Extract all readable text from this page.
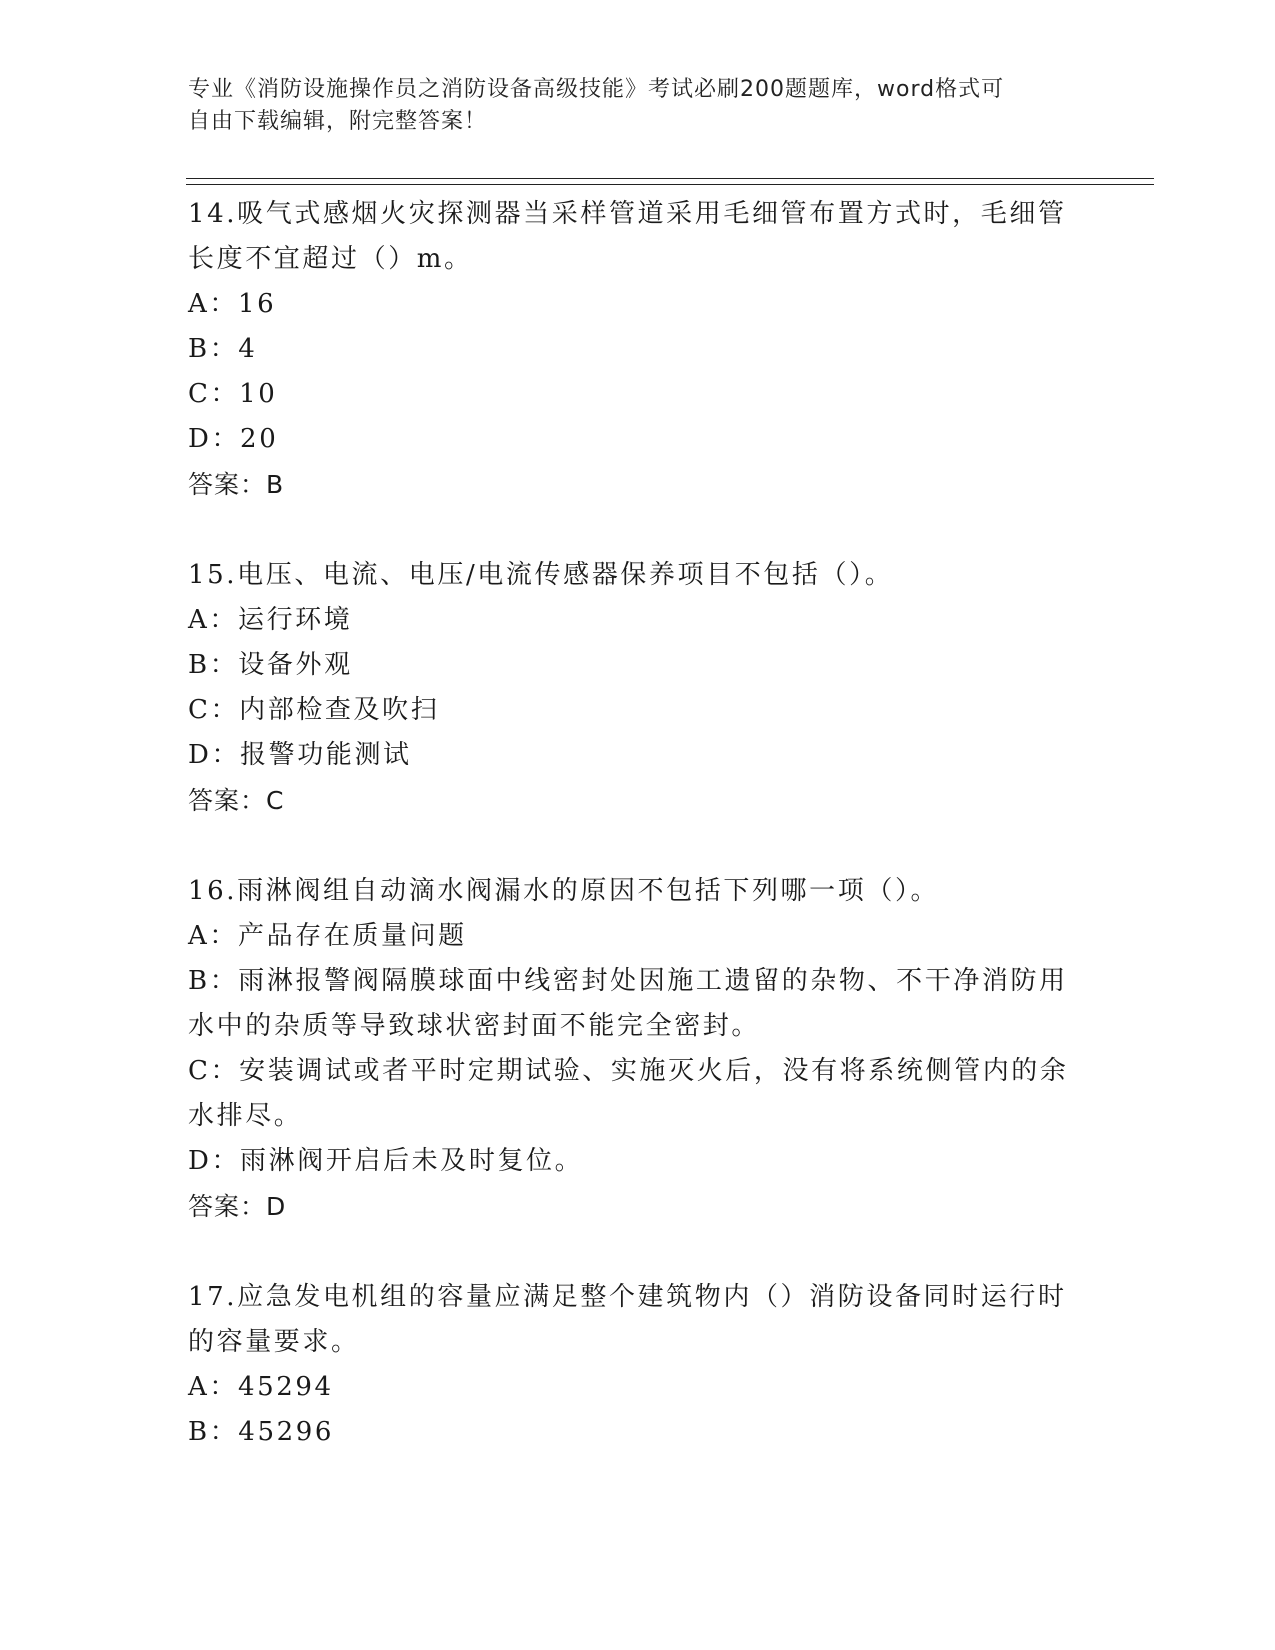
专业《消防设施操作员之消防设备高级技能》考试必刷200题题库，word格式可
自由下载编辑，附完整答案！

14.吸气式感烟火灾探测器当采样管道采用毛细管布置方式时，毛细管

长度不宜超过（）m。

A：16

B：4

C：10

D：20

答案：B

15.电压、电流、电压/电流传感器保养项目不包括（）。

A：运行环境

B：设备外观

C：内部检查及吹扫

D：报警功能测试

答案：C

16.雨淋阀组自动滴水阀漏水的原因不包括下列哪一项（）。

A：产品存在质量问题

B：雨淋报警阀隔膜球面中线密封处因施工遗留的杂物、不干净消防用

水中的杂质等导致球状密封面不能完全密封。

C：安装调试或者平时定期试验、实施灭火后，没有将系统侧管内的余

水排尽。

D：雨淋阀开启后未及时复位。

答案：D

17.应急发电机组的容量应满足整个建筑物内（）消防设备同时运行时

的容量要求。

A：45294

B：45296
